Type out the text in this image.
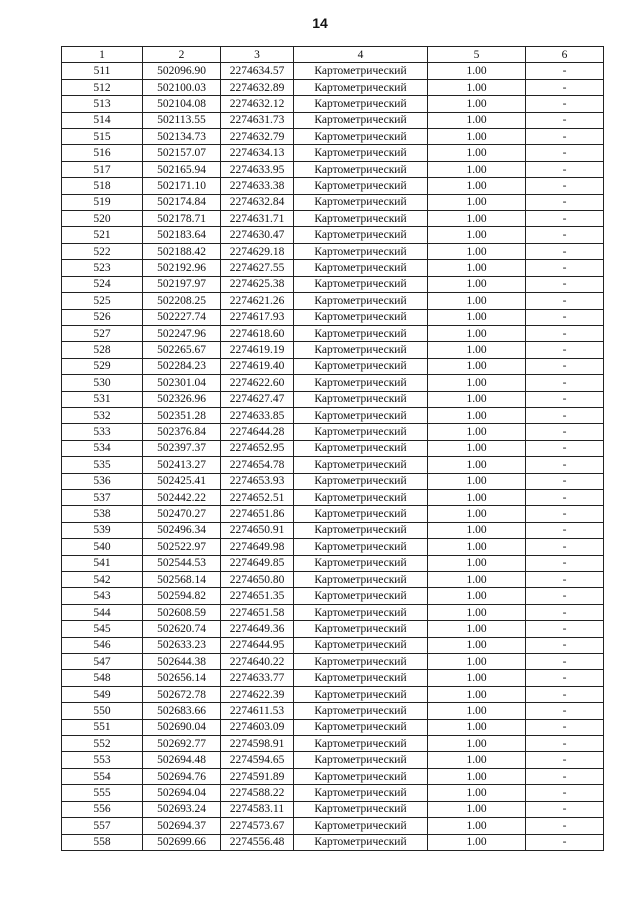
14
1	2	3	4	5	6
511	502096.90	2274634.57	Картометрический	1.00	-
512	502100.03	2274632.89	Картометрический	1.00	-
513	502104.08	2274632.12	Картометрический	1.00	-
514	502113.55	2274631.73	Картометрический	1.00	-
515	502134.73	2274632.79	Картометрический	1.00	-
516	502157.07	2274634.13	Картометрический	1.00	-
517	502165.94	2274633.95	Картометрический	1.00	-
518	502171.10	2274633.38	Картометрический	1.00	-
519	502174.84	2274632.84	Картометрический	1.00	-
520	502178.71	2274631.71	Картометрический	1.00	-
521	502183.64	2274630.47	Картометрический	1.00	-
522	502188.42	2274629.18	Картометрический	1.00	-
523	502192.96	2274627.55	Картометрический	1.00	-
524	502197.97	2274625.38	Картометрический	1.00	-
525	502208.25	2274621.26	Картометрический	1.00	-
526	502227.74	2274617.93	Картометрический	1.00	-
527	502247.96	2274618.60	Картометрический	1.00	-
528	502265.67	2274619.19	Картометрический	1.00	-
529	502284.23	2274619.40	Картометрический	1.00	-
530	502301.04	2274622.60	Картометрический	1.00	-
531	502326.96	2274627.47	Картометрический	1.00	-
532	502351.28	2274633.85	Картометрический	1.00	-
533	502376.84	2274644.28	Картометрический	1.00	-
534	502397.37	2274652.95	Картометрический	1.00	-
535	502413.27	2274654.78	Картометрический	1.00	-
536	502425.41	2274653.93	Картометрический	1.00	-
537	502442.22	2274652.51	Картометрический	1.00	-
538	502470.27	2274651.86	Картометрический	1.00	-
539	502496.34	2274650.91	Картометрический	1.00	-
540	502522.97	2274649.98	Картометрический	1.00	-
541	502544.53	2274649.85	Картометрический	1.00	-
542	502568.14	2274650.80	Картометрический	1.00	-
543	502594.82	2274651.35	Картометрический	1.00	-
544	502608.59	2274651.58	Картометрический	1.00	-
545	502620.74	2274649.36	Картометрический	1.00	-
546	502633.23	2274644.95	Картометрический	1.00	-
547	502644.38	2274640.22	Картометрический	1.00	-
548	502656.14	2274633.77	Картометрический	1.00	-
549	502672.78	2274622.39	Картометрический	1.00	-
550	502683.66	2274611.53	Картометрический	1.00	-
551	502690.04	2274603.09	Картометрический	1.00	-
552	502692.77	2274598.91	Картометрический	1.00	-
553	502694.48	2274594.65	Картометрический	1.00	-
554	502694.76	2274591.89	Картометрический	1.00	-
555	502694.04	2274588.22	Картометрический	1.00	-
556	502693.24	2274583.11	Картометрический	1.00	-
557	502694.37	2274573.67	Картометрический	1.00	-
558	502699.66	2274556.48	Картометрический	1.00	-
